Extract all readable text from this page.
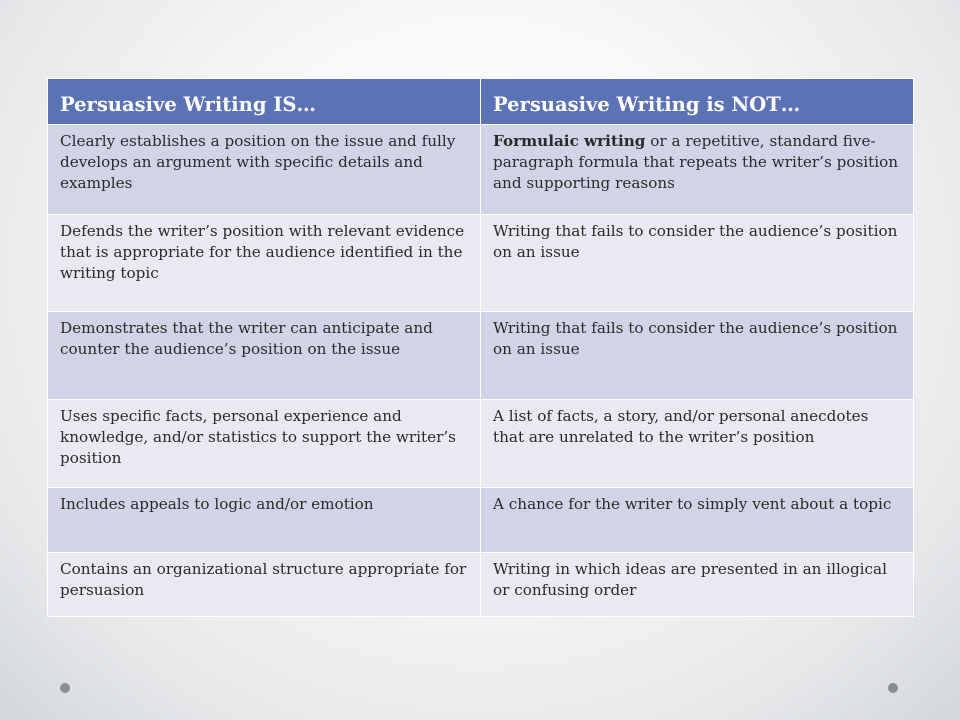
Persuasive Writing IS…	Persuasive Writing is NOT…
Clearly establishes a position on the issue and fully develops an argument with specific details and examples	Formulaic writing or a repetitive, standard five- paragraph formula that repeats the writer’s position and supporting reasons
Defends the writer’s position with relevant evidence that is appropriate for the audience identified in the writing topic	Writing that fails to consider the audience’s position on an issue
Demonstrates that the writer can anticipate and counter the audience’s position on the issue	Writing that fails to consider the audience’s position on an issue
Uses specific facts, personal experience and knowledge, and/or statistics to support the writer’s position	A list of facts, a story, and/or personal anecdotes that are unrelated to the writer’s position
Includes appeals to logic and/or emotion	A chance for the writer to simply vent about a topic
Contains an organizational structure appropriate for persuasion	Writing in which ideas are presented in an illogical or confusing order
